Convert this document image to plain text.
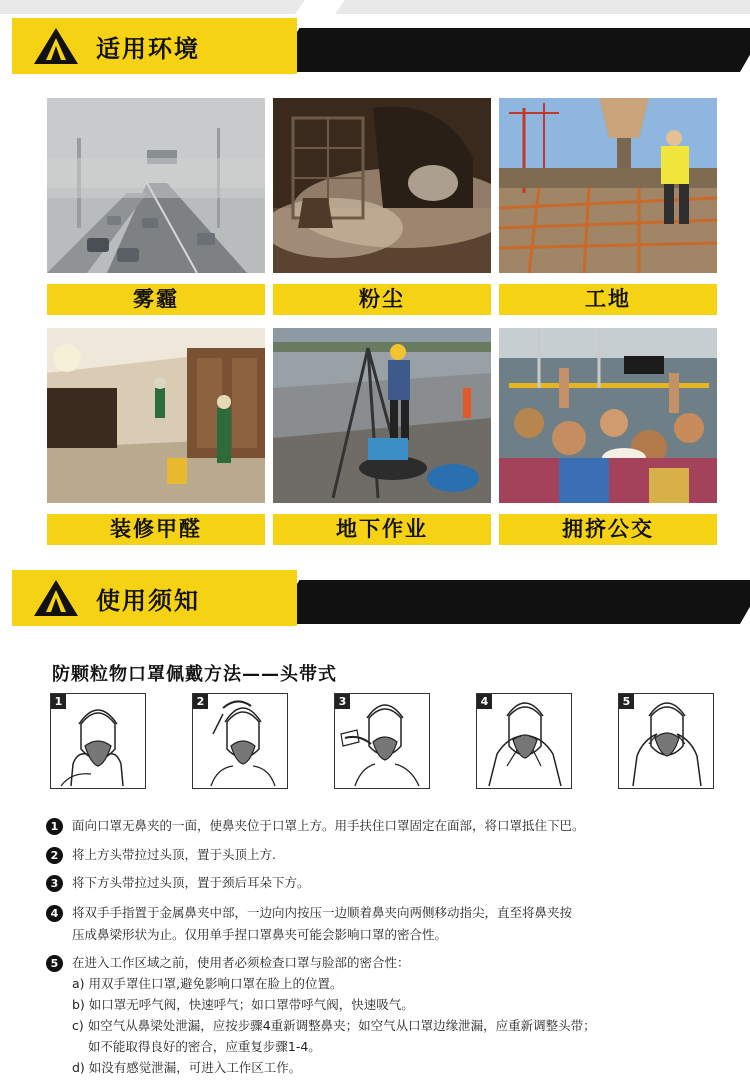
适用环境
雾霾	粉尘	工地
装修甲醛	地下作业	拥挤公交
使用须知
防颗粒物口罩佩戴方法——头带式
1	2	3	4	5
1	面向口罩无鼻夹的一面，使鼻夹位于口罩上方。用手扶住口罩固定在面部，将口罩抵住下巴。
2	将上方头带拉过头顶，置于头顶上方.
3	将下方头带拉过头顶，置于颈后耳朵下方。
4	将双手手指置于金属鼻夹中部，一边向内按压一边顺着鼻夹向两侧移动指尖，直至将鼻夹按
压成鼻梁形状为止。仅用单手捏口罩鼻夹可能会影响口罩的密合性。
5	在进入工作区域之前，使用者必须检查口罩与脸部的密合性：
a) 用双手罩住口罩,避免影响口罩在脸上的位置。
b) 如口罩无呼气阀，快速呼气；如口罩带呼气阀，快速吸气。
c) 如空气从鼻梁处泄漏，应按步骤4重新调整鼻夹；如空气从口罩边缘泄漏，应重新调整头带；
如不能取得良好的密合，应重复步骤1-4。
d) 如没有感觉泄漏，可进入工作区工作。
